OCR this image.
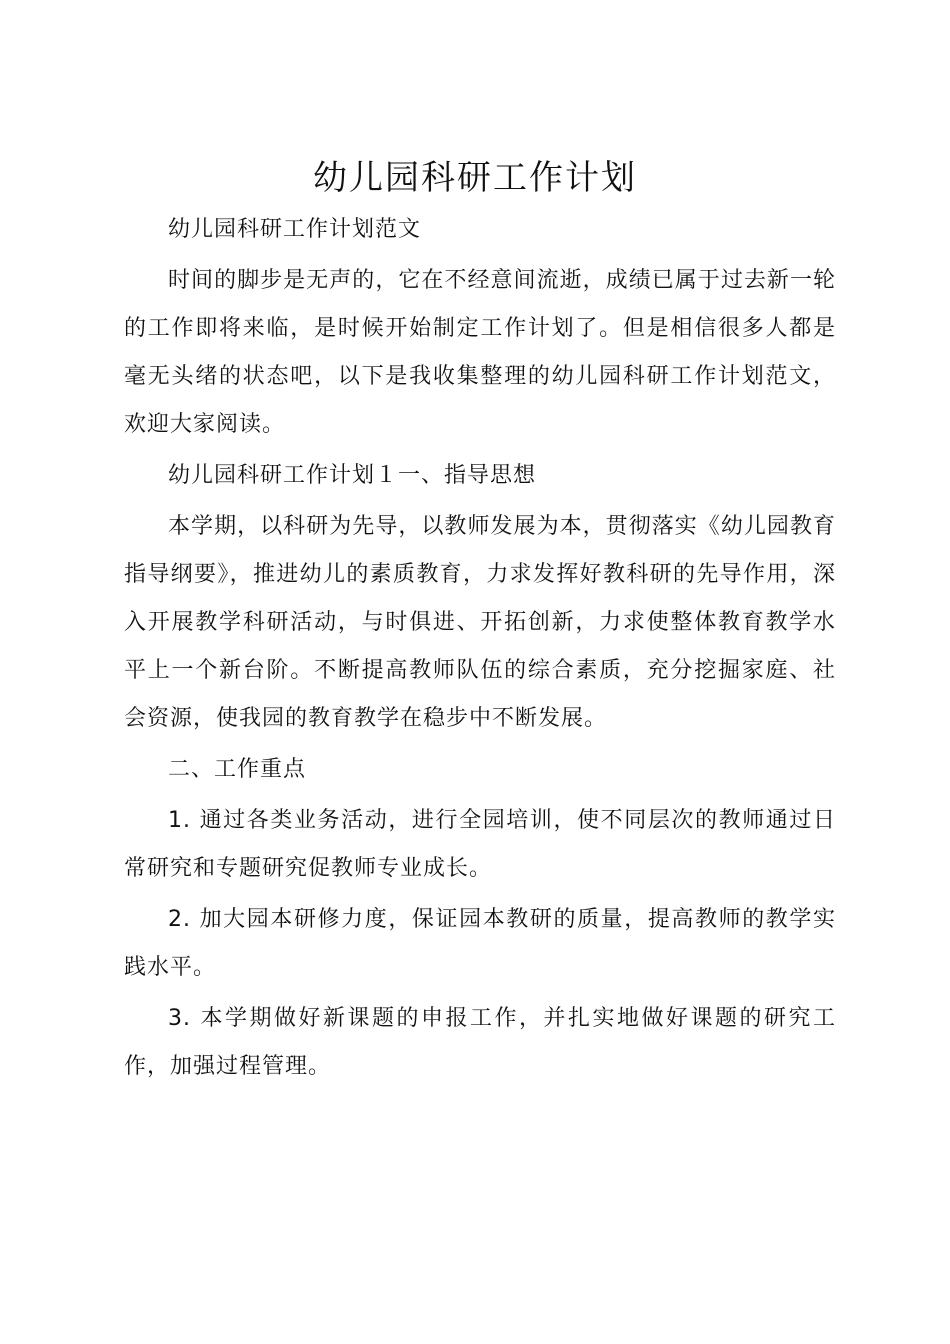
幼儿园科研工作计划

幼儿园科研工作计划范文

时间的脚步是无声的，它在不经意间流逝，成绩已属于过去新一轮的工作即将来临，是时候开始制定工作计划了。但是相信很多人都是毫无头绪的状态吧，以下是我收集整理的幼儿园科研工作计划范文，欢迎大家阅读。

幼儿园科研工作计划１一、指导思想

本学期，以科研为先导，以教师发展为本，贯彻落实《幼儿园教育指导纲要》，推进幼儿的素质教育，力求发挥好教科研的先导作用，深入开展教学科研活动，与时俱进、开拓创新，力求使整体教育教学水平上一个新台阶。不断提高教师队伍的综合素质，充分挖掘家庭、社会资源，使我园的教育教学在稳步中不断发展。

二、工作重点

1. 通过各类业务活动，进行全园培训，使不同层次的教师通过日常研究和专题研究促教师专业成长。

2. 加大园本研修力度，保证园本教研的质量，提高教师的教学实践水平。

3. 本学期做好新课题的申报工作，并扎实地做好课题的研究工作，加强过程管理。
